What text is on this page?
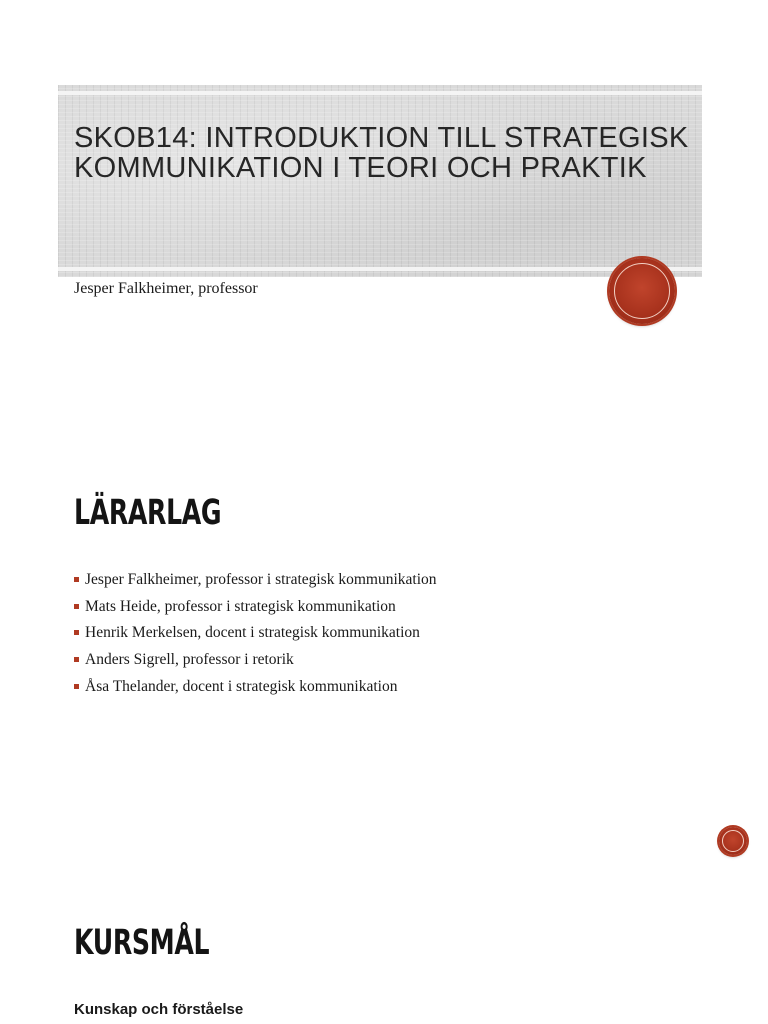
SKOB14: INTRODUKTION TILL STRATEGISK
KOMMUNIKATION I TEORI OCH PRAKTIK

Jesper Falkheimer, professor

LÄRARLAG
Jesper Falkheimer, professor i strategisk kommunikation
Mats Heide, professor i strategisk kommunikation
Henrik Merkelsen, docent i strategisk kommunikation
Anders Sigrell, professor i retorik
Åsa Thelander, docent i strategisk kommunikation
KURSMÅL

Kunskap och förståelse
